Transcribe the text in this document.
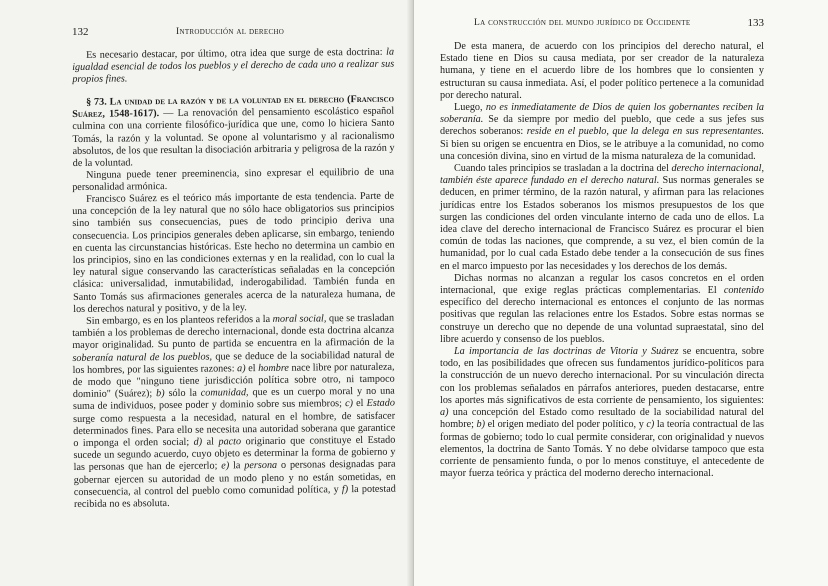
132	Introducción al derecho

Es necesario destacar, por último, otra idea que surge de esta doctrina: la igualdad esencial de todos los pueblos y el derecho de cada uno a realizar sus propios fines.

§ 73. La unidad de la razón y de la voluntad en el derecho (Francisco Suárez, 1548-1617). — La renovación del pensamiento escolástico español culmina con una corriente filosófico-jurídica que une, como lo hiciera Santo Tomás, la razón y la voluntad. Se opone al voluntarismo y al racionalismo absolutos, de los que resultan la disociación arbitraria y peligrosa de la razón y de la voluntad.

Ninguna puede tener preeminencia, sino expresar el equilibrio de una personalidad armónica.

Francisco Suárez es el teórico más importante de esta tendencia. Parte de una concepción de la ley natural que no sólo hace obligatorios sus principios sino también sus consecuencias, pues de todo principio deriva una consecuencia. Los principios generales deben aplicarse, sin embargo, teniendo en cuenta las circunstancias históricas. Este hecho no determina un cambio en los principios, sino en las condiciones externas y en la realidad, con lo cual la ley natural sigue conservando las características señaladas en la concepción clásica: universalidad, inmutabilidad, inderogabilidad. También funda en Santo Tomás sus afirmaciones generales acerca de la naturaleza humana, de los derechos natural y positivo, y de la ley.

Sin embargo, es en los planteos referidos a la moral social, que se trasladan también a los problemas de derecho internacional, donde esta doctrina alcanza mayor originalidad. Su punto de partida se encuentra en la afirmación de la soberanía natural de los pueblos, que se deduce de la sociabilidad natural de los hombres, por las siguientes razones: a) el hombre nace libre por naturaleza, de modo que "ninguno tiene jurisdicción política sobre otro, ni tampoco dominio" (Suárez); b) sólo la comunidad, que es un cuerpo moral y no una suma de individuos, posee poder y dominio sobre sus miembros; c) el Estado surge como respuesta a la necesidad, natural en el hombre, de satisfacer determinados fines. Para ello se necesita una autoridad soberana que garantice o imponga el orden social; d) al pacto originario que constituye el Estado sucede un segundo acuerdo, cuyo objeto es determinar la forma de gobierno y las personas que han de ejercerlo; e) la persona o personas designadas para gobernar ejercen su autoridad de un modo pleno y no están sometidas, en consecuencia, al control del pueblo como comunidad política, y f) la potestad recibida no es absoluta.

La construcción del mundo jurídico de Occidente	133

De esta manera, de acuerdo con los principios del derecho natural, el Estado tiene en Dios su causa mediata, por ser creador de la naturaleza humana, y tiene en el acuerdo libre de los hombres que lo consienten y estructuran su causa inmediata. Así, el poder político pertenece a la comunidad por derecho natural.

Luego, no es inmediatamente de Dios de quien los gobernantes reciben la soberanía. Se da siempre por medio del pueblo, que cede a sus jefes sus derechos soberanos: reside en el pueblo, que la delega en sus representantes. Si bien su origen se encuentra en Dios, se le atribuye a la comunidad, no como una concesión divina, sino en virtud de la misma naturaleza de la comunidad.

Cuando tales principios se trasladan a la doctrina del derecho internacional, también éste aparece fundado en el derecho natural. Sus normas generales se deducen, en primer término, de la razón natural, y afirman para las relaciones jurídicas entre los Estados soberanos los mismos presupuestos de los que surgen las condiciones del orden vinculante interno de cada uno de ellos. La idea clave del derecho internacional de Francisco Suárez es procurar el bien común de todas las naciones, que comprende, a su vez, el bien común de la humanidad, por lo cual cada Estado debe tender a la consecución de sus fines en el marco impuesto por las necesidades y los derechos de los demás.

Dichas normas no alcanzan a regular los casos concretos en el orden internacional, que exige reglas prácticas complementarias. El contenido específico del derecho internacional es entonces el conjunto de las normas positivas que regulan las relaciones entre los Estados. Sobre estas normas se construye un derecho que no depende de una voluntad supraestatal, sino del libre acuerdo y consenso de los pueblos.

La importancia de las doctrinas de Vitoria y Suárez se encuentra, sobre todo, en las posibilidades que ofrecen sus fundamentos jurídico-políticos para la construcción de un nuevo derecho internacional. Por su vinculación directa con los problemas señalados en párrafos anteriores, pueden destacarse, entre los aportes más significativos de esta corriente de pensamiento, los siguientes: a) una concepción del Estado como resultado de la sociabilidad natural del hombre; b) el origen mediato del poder político, y c) la teoría contractual de las formas de gobierno; todo lo cual permite considerar, con originalidad y nuevos elementos, la doctrina de Santo Tomás. Y no debe olvidarse tampoco que esta corriente de pensamiento funda, o por lo menos constituye, el antecedente de mayor fuerza teórica y práctica del moderno derecho internacional.
